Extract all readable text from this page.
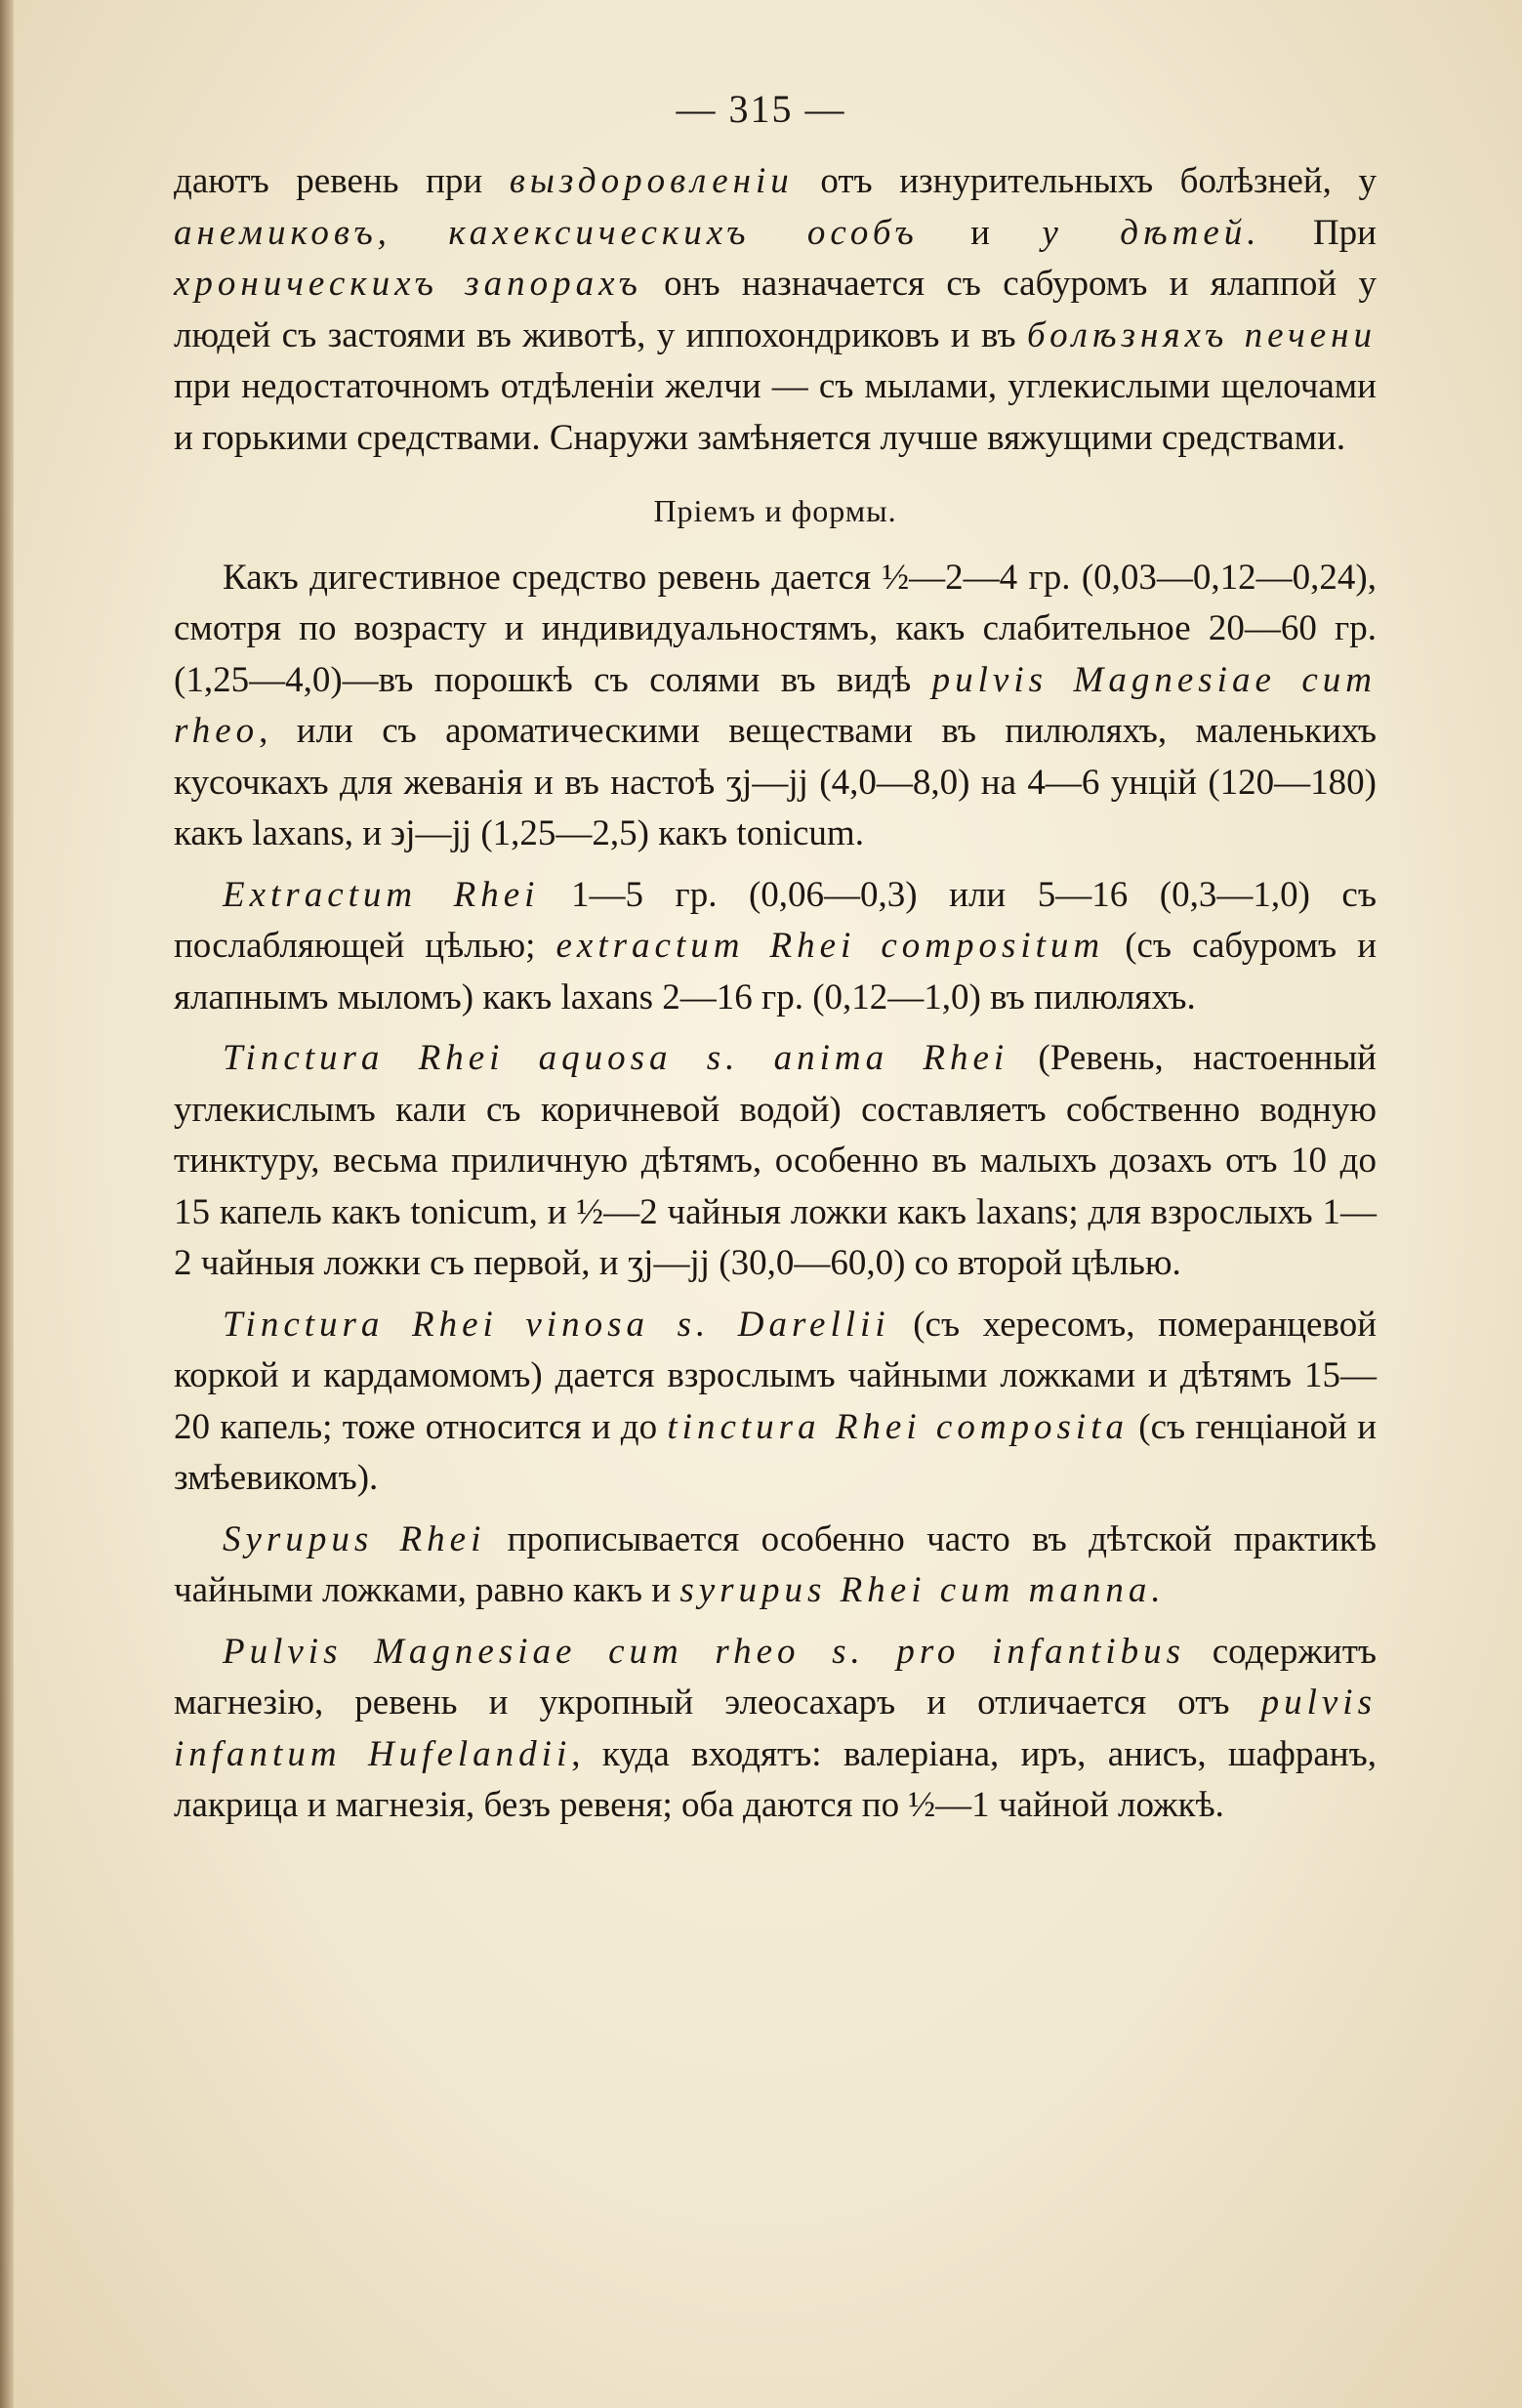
— 315 —

даютъ ревень при выздоровленіи отъ изнурительныхъ болѣзней, у анемиковъ, кахексическихъ особъ и у дѣтей. При хроническихъ запорахъ онъ назначается съ сабуромъ и ялаппой у людей съ застоями въ животѣ, у иппохондриковъ и въ болѣзняхъ печени при недостаточномъ отдѣленіи желчи — съ мылами, углекислыми щелочами и горькими средствами. Снаружи замѣняется лучше вяжущими средствами.

Пріемъ и формы.

Какъ дигестивное средство ревень дается ½—2—4 гр. (0,03—0,12—0,24), смотря по возрасту и индивидуальностямъ, какъ слабительное 20—60 гр. (1,25—4,0)—въ порошкѣ съ солями въ видѣ pulvis Magnesiae cum rheo, или съ ароматическими веществами въ пилюляхъ, маленькихъ кусочкахъ для жеванія и въ настоѣ ʒj—jj (4,0—8,0) на 4—6 унцій (120—180) какъ laxans, и ϶j—jj (1,25—2,5) какъ tonicum.

Extractum Rhei 1—5 гр. (0,06—0,3) или 5—16 (0,3—1,0) съ послабляющей цѣлью; extractum Rhei compositum (съ сабуромъ и ялапнымъ мыломъ) какъ laxans 2—16 гр. (0,12—1,0) въ пилюляхъ.

Tinctura Rhei aquosa s. anima Rhei (Ревень, настоенный углекислымъ кали съ коричневой водой) составляетъ собственно водную тинктуру, весьма приличную дѣтямъ, особенно въ малыхъ дозахъ отъ 10 до 15 капель какъ tonicum, и ½—2 чайныя ложки какъ laxans; для взрослыхъ 1—2 чайныя ложки съ первой, и ʒj—jj (30,0—60,0) со второй цѣлью.

Tinctura Rhei vinosa s. Darellii (съ хересомъ, померанцевой коркой и кардамомомъ) дается взрослымъ чайными ложками и дѣтямъ 15—20 капель; тоже относится и до tinctura Rhei composita (съ генціаной и змѣевикомъ).

Syrupus Rhei прописывается особенно часто въ дѣтской практикѣ чайными ложками, равно какъ и syrupus Rhei cum manna.

Pulvis Magnesiae cum rheo s. pro infantibus содержитъ магнезію, ревень и укропный элеосахаръ и отличается отъ pulvis infantum Hufelandii, куда входятъ: валеріана, иръ, анисъ, шафранъ, лакрица и магнезія, безъ ревеня; оба даются по ½—1 чайной ложкѣ.
